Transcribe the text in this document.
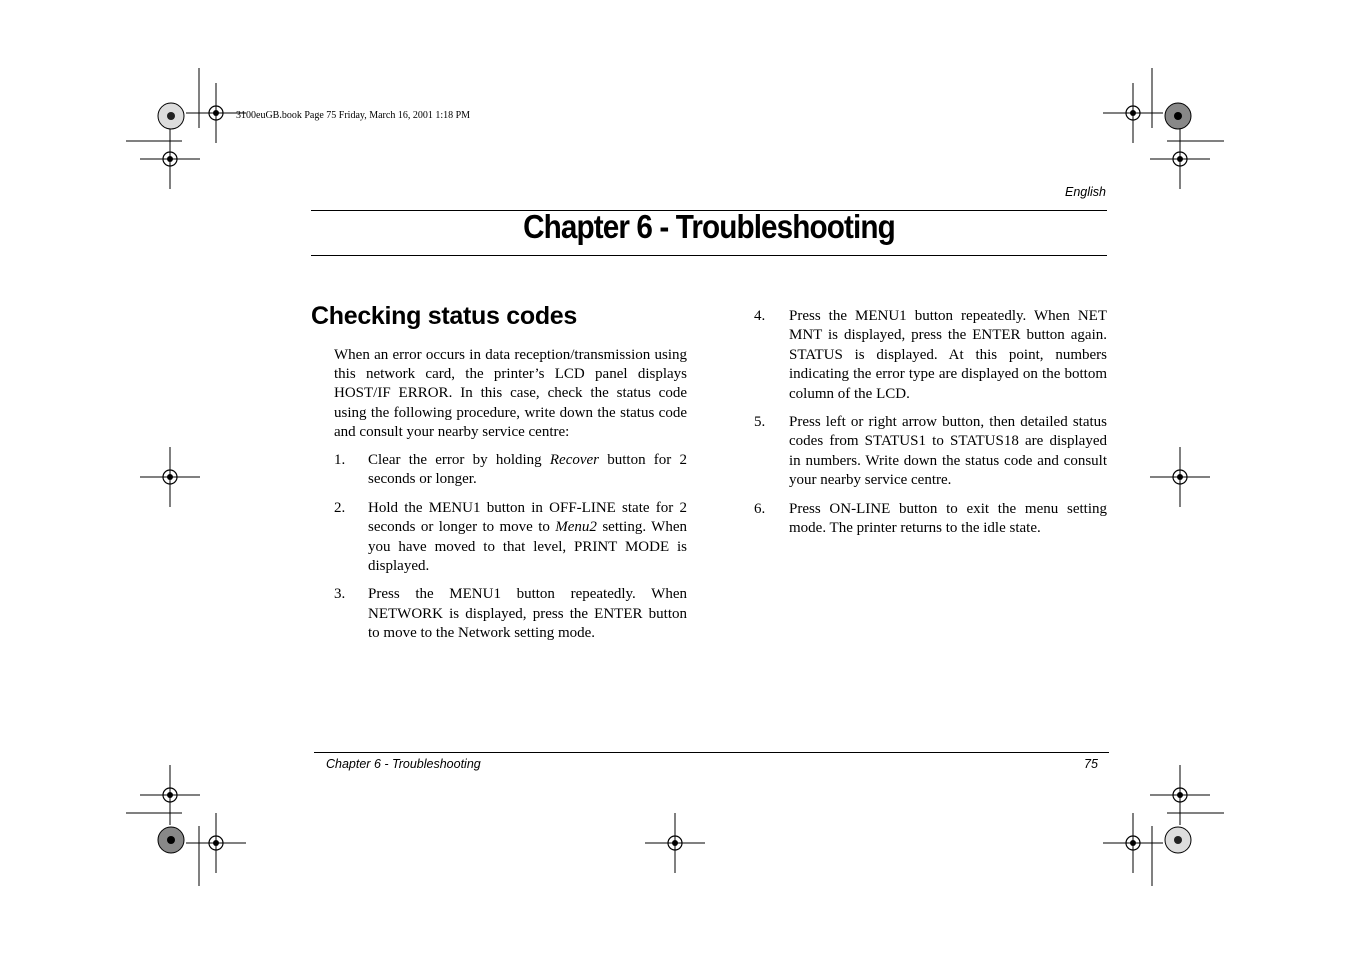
3100euGB.book Page 75 Friday, March 16, 2001 1:18 PM
English
Chapter 6 - Troubleshooting
Checking status codes

When an error occurs in data reception/transmission using this network card, the printer’s LCD panel displays HOST/IF ERROR. In this case, check the status code using the following procedure, write down the status code and consult your nearby service centre:

1. Clear the error by holding Recover button for 2 seconds or longer.
2. Hold the MENU1 button in OFF-LINE state for 2 seconds or longer to move to Menu2 setting. When you have moved to that level, PRINT MODE is displayed.
3. Press the MENU1 button repeatedly. When NETWORK is displayed, press the ENTER button to move to the Network setting mode.
4. Press the MENU1 button repeatedly. When NET MNT is displayed, press the ENTER button again. STATUS is displayed. At this point, numbers indicating the error type are displayed on the bottom column of the LCD.
5. Press left or right arrow button, then detailed status codes from STATUS1 to STATUS18 are displayed in numbers. Write down the status code and consult your nearby service centre.
6. Press ON-LINE button to exit the menu setting mode. The printer returns to the idle state.
Chapter 6 - Troubleshooting	75
